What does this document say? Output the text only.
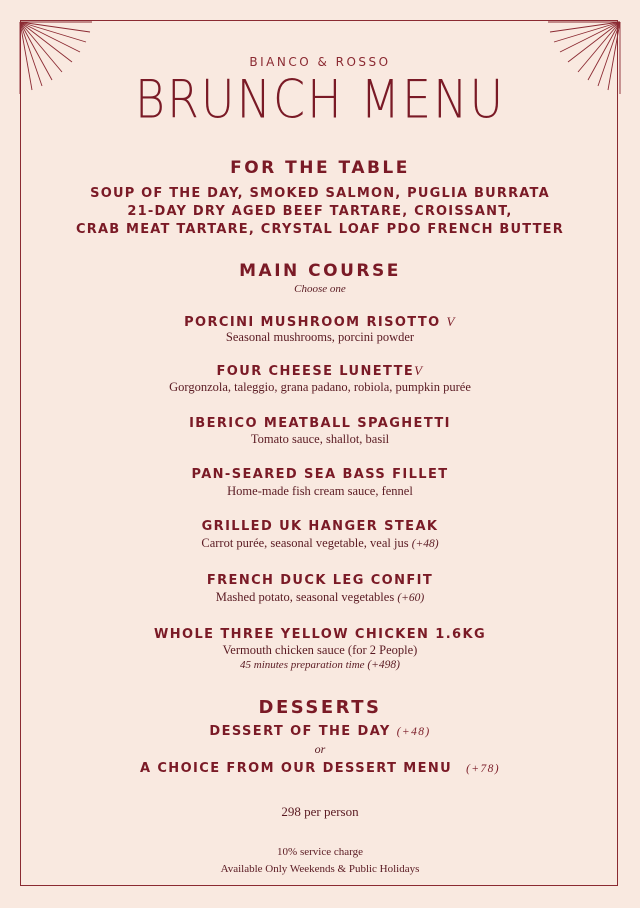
BIANCO & ROSSO
BRUNCH MENU
FOR THE TABLE
SOUP OF THE DAY, SMOKED SALMON, PUGLIA BURRATA
21-DAY DRY AGED BEEF TARTARE, CROISSANT,
CRAB MEAT TARTARE, CRYSTAL LOAF PDO FRENCH BUTTER
MAIN COURSE
Choose one
PORCINI MUSHROOM RISOTTO V
Seasonal mushrooms, porcini powder
FOUR CHEESE LUNETTEV
Gorgonzola, taleggio, grana padano, robiola, pumpkin purée
IBERICO MEATBALL SPAGHETTI
Tomato sauce, shallot, basil
PAN-SEARED SEA BASS FILLET
Home-made fish cream sauce, fennel
GRILLED UK HANGER STEAK
Carrot purée, seasonal vegetable, veal jus (+48)
FRENCH DUCK LEG CONFIT
Mashed potato, seasonal vegetables (+60)
WHOLE THREE YELLOW CHICKEN 1.6KG
Vermouth chicken sauce (for 2 People)
45 minutes preparation time (+498)
DESSERTS
DESSERT OF THE DAY (+48)
or
A CHOICE FROM OUR DESSERT MENU (+78)
298 per person
10% service charge
Available Only Weekends & Public Holidays
